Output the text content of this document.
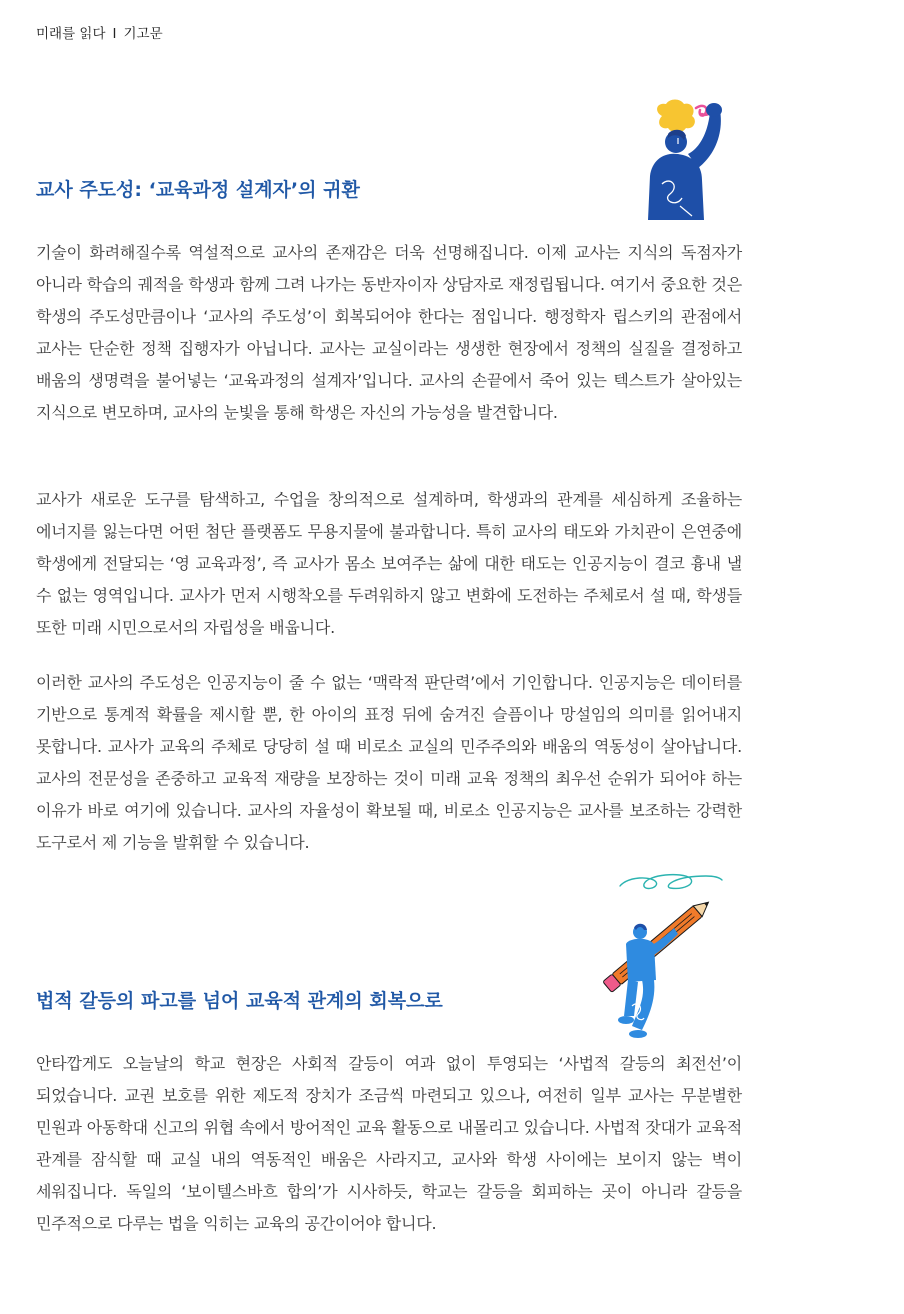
미래를 읽다 I 기고문
교사 주도성: ‘교육과정 설계자’의 귀환

기술이 화려해질수록 역설적으로 교사의 존재감은 더욱 선명해집니다. 이제 교사는 지식의 독점자가 아니라 학습의 궤적을 학생과 함께 그려 나가는 동반자이자 상담자로 재정립됩니다. 여기서 중요한 것은 학생의 주도성만큼이나 ‘교사의 주도성’이 회복되어야 한다는 점입니다. 행정학자 립스키의 관점에서 교사는 단순한 정책 집행자가 아닙니다. 교사는 교실이라는 생생한 현장에서 정책의 실질을 결정하고 배움의 생명력을 불어넣는 ‘교육과정의 설계자’입니다. 교사의 손끝에서 죽어 있는 텍스트가 살아있는 지식으로 변모하며, 교사의 눈빛을 통해 학생은 자신의 가능성을 발견합니다.

교사가 새로운 도구를 탐색하고, 수업을 창의적으로 설계하며, 학생과의 관계를 세심하게 조율하는 에너지를 잃는다면 어떤 첨단 플랫폼도 무용지물에 불과합니다. 특히 교사의 태도와 가치관이 은연중에 학생에게 전달되는 ‘영 교육과정’, 즉 교사가 몸소 보여주는 삶에 대한 태도는 인공지능이 결코 흉내 낼 수 없는 영역입니다. 교사가 먼저 시행착오를 두려워하지 않고 변화에 도전하는 주체로서 설 때, 학생들 또한 미래 시민으로서의 자립성을 배웁니다.

이러한 교사의 주도성은 인공지능이 줄 수 없는 ‘맥락적 판단력’에서 기인합니다. 인공지능은 데이터를 기반으로 통계적 확률을 제시할 뿐, 한 아이의 표정 뒤에 숨겨진 슬픔이나 망설임의 의미를 읽어내지 못합니다. 교사가 교육의 주체로 당당히 설 때 비로소 교실의 민주주의와 배움의 역동성이 살아납니다. 교사의 전문성을 존중하고 교육적 재량을 보장하는 것이 미래 교육 정책의 최우선 순위가 되어야 하는 이유가 바로 여기에 있습니다. 교사의 자율성이 확보될 때, 비로소 인공지능은 교사를 보조하는 강력한 도구로서 제 기능을 발휘할 수 있습니다.

법적 갈등의 파고를 넘어 교육적 관계의 회복으로

안타깝게도 오늘날의 학교 현장은 사회적 갈등이 여과 없이 투영되는 ‘사법적 갈등의 최전선’이 되었습니다. 교권 보호를 위한 제도적 장치가 조금씩 마련되고 있으나, 여전히 일부 교사는 무분별한 민원과 아동학대 신고의 위협 속에서 방어적인 교육 활동으로 내몰리고 있습니다. 사법적 잣대가 교육적 관계를 잠식할 때 교실 내의 역동적인 배움은 사라지고, 교사와 학생 사이에는 보이지 않는 벽이 세워집니다. 독일의 ‘보이텔스바흐 합의’가 시사하듯, 학교는 갈등을 회피하는 곳이 아니라 갈등을 민주적으로 다루는 법을 익히는 교육의 공간이어야 합니다.
